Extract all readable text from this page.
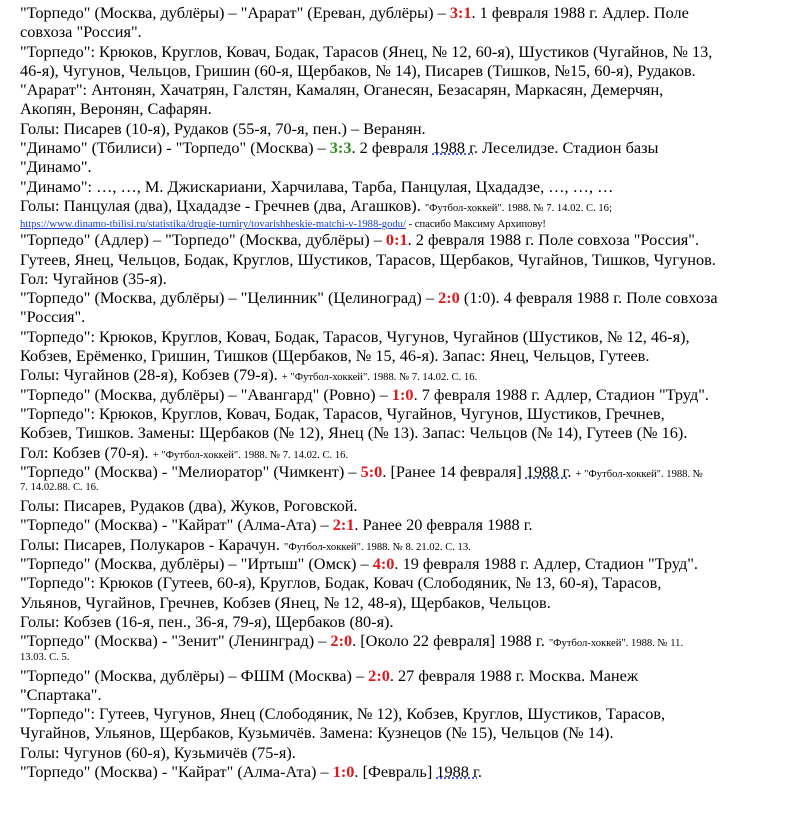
"Торпедо" (Москва, дублёры) – "Арарат" (Ереван, дублёры) – 3:1. 1 февраля 1988 г. Адлер. Поле
совхоза "Россия".
"Торпедо": Крюков, Круглов, Ковач, Бодак, Тарасов (Янец, № 12, 60-я), Шустиков (Чугайнов, № 13,
46-я), Чугунов, Чельцов, Гришин (60-я, Щербаков, № 14), Писарев (Тишков, №15, 60-я), Рудаков.
"Арарат": Антонян, Хачатрян, Галстян, Камалян, Оганесян, Безасарян, Маркасян, Демерчян,
Акопян, Веронян, Сафарян.
Голы: Писарев (10-я), Рудаков (55-я, 70-я, пен.) – Веранян.
"Динамо" (Тбилиси) - "Торпедо" (Москва) – 3:3. 2 февраля 1988 г. Леселидзе. Стадион базы
"Динамо".
"Динамо": …, …, М. Джискариани, Харчилава, Тарба, Панцулая, Цхададзе, …, …, …
Голы: Панцулая (два), Цхададзе - Гречнев (два, Агашков). "Футбол-хоккей". 1988. № 7. 14.02. С. 16;
https://www.dinamo-tbilisi.ru/statistika/drugie-turniry/tovarishheskie-matchi-v-1988-godu/ - спасибо Максиму Архипову!
"Торпедо" (Адлер) – "Торпедо" (Москва, дублёры) – 0:1. 2 февраля 1988 г. Поле совхоза "Россия".
Гутеев, Янец, Чельцов, Бодак, Круглов, Шустиков, Тарасов, Щербаков, Чугайнов, Тишков, Чугунов.
Гол: Чугайнов (35-я).
"Торпедо" (Москва, дублёры) – "Целинник" (Целиноград) – 2:0 (1:0). 4 февраля 1988 г. Поле совхоза
"Россия".
"Торпедо": Крюков, Круглов, Ковач, Бодак, Тарасов, Чугунов, Чугайнов (Шустиков, № 12, 46-я),
Кобзев, Ерёменко, Гришин, Тишков (Щербаков, № 15, 46-я). Запас: Янец, Чельцов, Гутеев.
Голы: Чугайнов (28-я), Кобзев (79-я). + "Футбол-хоккей". 1988. № 7. 14.02. С. 16.
"Торпедо" (Москва, дублёры) – "Авангард" (Ровно) – 1:0. 7 февраля 1988 г. Адлер, Стадион "Труд".
"Торпедо": Крюков, Круглов, Ковач, Бодак, Тарасов, Чугайнов, Чугунов, Шустиков, Гречнев,
Кобзев, Тишков. Замены: Щербаков (№ 12), Янец (№ 13). Запас: Чельцов (№ 14), Гутеев (№ 16).
Гол: Кобзев (70-я). + "Футбол-хоккей". 1988. № 7. 14.02. С. 16.
"Торпедо" (Москва) - "Мелиоратор" (Чимкент) – 5:0. [Ранее 14 февраля] 1988 г. + "Футбол-хоккей". 1988. №
7. 14.02.88. С. 16.
Голы: Писарев, Рудаков (два), Жуков, Роговской.
"Торпедо" (Москва) - "Кайрат" (Алма-Ата) – 2:1. Ранее 20 февраля 1988 г.
Голы: Писарев, Полукаров - Карачун. "Футбол-хоккей". 1988. № 8. 21.02. С. 13.
"Торпедо" (Москва, дублёры) – "Иртыш" (Омск) – 4:0. 19 февраля 1988 г. Адлер, Стадион "Труд".
"Торпедо": Крюков (Гутеев, 60-я), Круглов, Бодак, Ковач (Слободяник, № 13, 60-я), Тарасов,
Ульянов, Чугайнов, Гречнев, Кобзев (Янец, № 12, 48-я), Щербаков, Чельцов.
Голы: Кобзев (16-я, пен., 36-я, 79-я), Щербаков (80-я).
"Торпедо" (Москва) - "Зенит" (Ленинград) – 2:0. [Около 22 февраля] 1988 г. "Футбол-хоккей". 1988. № 11.
13.03. С. 5.
"Торпедо" (Москва, дублёры) – ФШМ (Москва) – 2:0. 27 февраля 1988 г. Москва. Манеж
"Спартака".
"Торпедо": Гутеев, Чугунов, Янец (Слободяник, № 12), Кобзев, Круглов, Шустиков, Тарасов,
Чугайнов, Ульянов, Щербаков, Кузьмичёв. Замена: Кузнецов (№ 15), Чельцов (№ 14).
Голы: Чугунов (60-я), Кузьмичёв (75-я).
"Торпедо" (Москва) - "Кайрат" (Алма-Ата) – 1:0. [Февраль] 1988 г.
